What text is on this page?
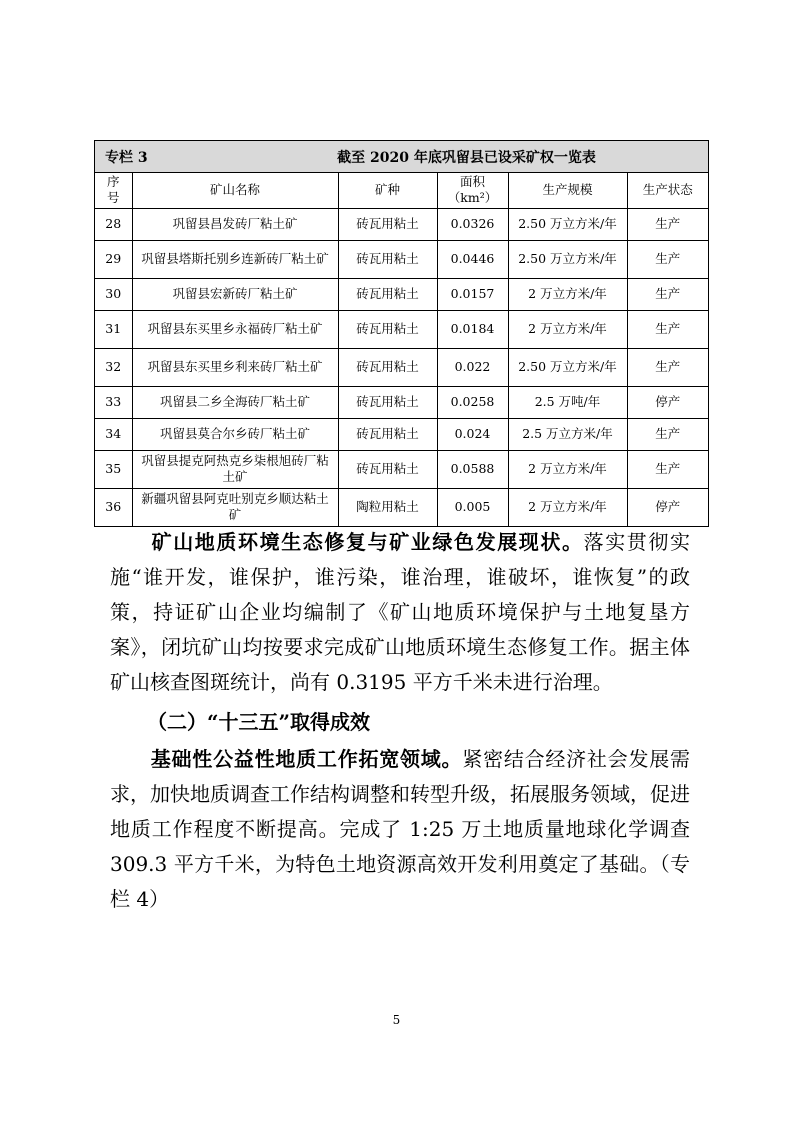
专栏 3	截至 2020 年底巩留县已设采矿权一览表
序号	矿山名称	矿种	面积（km²）	生产规模	生产状态
28	巩留县昌发砖厂粘土矿	砖瓦用粘土	0.0326	2.50 万立方米/年	生产
29	巩留县塔斯托别乡连新砖厂粘土矿	砖瓦用粘土	0.0446	2.50 万立方米/年	生产
30	巩留县宏新砖厂粘土矿	砖瓦用粘土	0.0157	2 万立方米/年	生产
31	巩留县东买里乡永福砖厂粘土矿	砖瓦用粘土	0.0184	2 万立方米/年	生产
32	巩留县东买里乡利来砖厂粘土矿	砖瓦用粘土	0.022	2.50 万立方米/年	生产
33	巩留县二乡全海砖厂粘土矿	砖瓦用粘土	0.0258	2.5 万吨/年	停产
34	巩留县莫合尔乡砖厂粘土矿	砖瓦用粘土	0.024	2.5 万立方米/年	生产
35	巩留县提克阿热克乡柒根旭砖厂粘土矿	砖瓦用粘土	0.0588	2 万立方米/年	生产
36	新疆巩留县阿克吐别克乡顺达粘土矿	陶粒用粘土	0.005	2 万立方米/年	停产
矿山地质环境生态修复与矿业绿色发展现状。落实贯彻实施“谁开发，谁保护，谁污染，谁治理，谁破坏，谁恢复”的政策，持证矿山企业均编制了《矿山地质环境保护与土地复垦方案》，闭坑矿山均按要求完成矿山地质环境生态修复工作。据主体矿山核查图斑统计，尚有 0.3195 平方千米未进行治理。
（二）“十三五”取得成效
基础性公益性地质工作拓宽领域。紧密结合经济社会发展需求，加快地质调查工作结构调整和转型升级，拓展服务领域，促进地质工作程度不断提高。完成了 1:25 万土地质量地球化学调查 309.3 平方千米，为特色土地资源高效开发利用奠定了基础。（专栏 4）
5
